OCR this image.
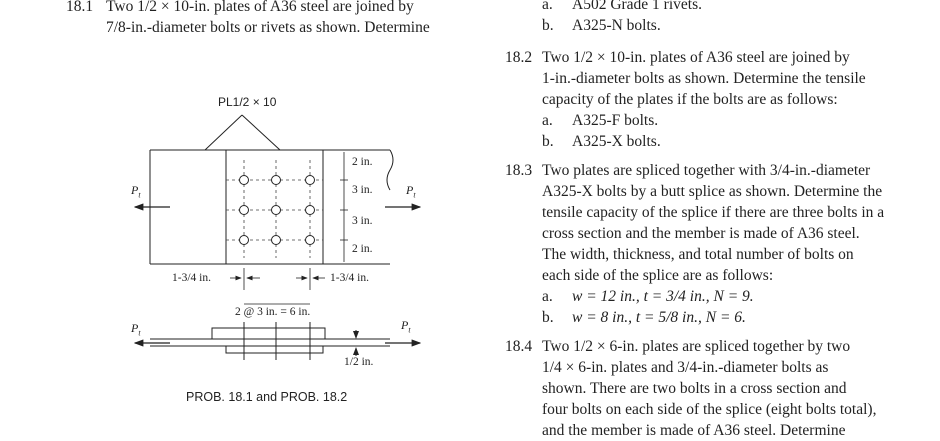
18.1 Two 1/2 × 10-in. plates of A36 steel are joined by
7/8-in.-diameter bolts or rivets as shown. Determine
PL1/2 × 10
$P_t$	$P_t$
$P_t$
$P_t$
2 in.
3 in.
3 in.
2 in.
1-3/4 in.	1-3/4 in.
2 @ 3 in. = 6 in.
1/2 in.
PROB. 18.1 and PROB. 18.2
a. A502 Grade 1 rivets.
b. A325-N bolts.
18.2 Two 1/2 × 10-in. plates of A36 steel are joined by
1-in.-diameter bolts as shown. Determine the tensile
capacity of the plates if the bolts are as follows:
a. A325-F bolts.
b. A325-X bolts.
18.3 Two plates are spliced together with 3/4-in.-diameter
A325-X bolts by a butt splice as shown. Determine the
tensile capacity of the splice if there are three bolts in a
cross section and the member is made of A36 steel.
The width, thickness, and total number of bolts on
each side of the splice are as follows:
a. w = 12 in., t = 3/4 in., N = 9.
b. w = 8 in., t = 5/8 in., N = 6.
18.4 Two 1/2 × 6-in. plates are spliced together by two
1/4 × 6-in. plates and 3/4-in.-diameter bolts as
shown. There are two bolts in a cross section and
four bolts on each side of the splice (eight bolts total),
and the member is made of A36 steel. Determine
